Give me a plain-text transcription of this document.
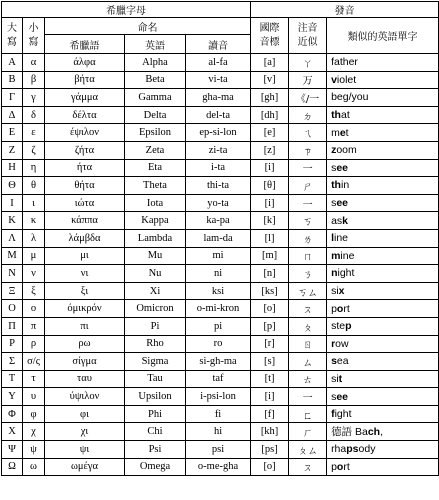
希臘字母					發音		
大寫	小寫	命名			國際音標	注音近似	類似的英語單字
		希臘語	英語	讀音			
Α	α	άλφα	Alpha	al-fa	[a]	ㄚ	father
Β	β	βήτα	Beta	vi-ta	[v]	万	violet
Γ	γ	γάμμα	Gamma	gha-ma	[gh]	《/一	beg/you
Δ	δ	δέλτα	Delta	del-ta	[dh]	ㄉ	that
Ε	ε	έψιλον	Epsilon	ep-si-lon	[e]	ㄟ	met
Ζ	ζ	ζήτα	Zeta	zi-ta	[z]	ㄗ	zoom
Η	η	ήτα	Eta	i-ta	[i]	一	see
Θ	θ	θήτα	Theta	thi-ta	[θ]	ㄕ	thin
Ι	ι	ιώτα	Iota	yo-ta	[i]	一	see
Κ	κ	κάππα	Kappa	ka-pa	[k]	ㄎ	ask
Λ	λ	λάμβδα	Lambda	lam-da	[l]	ㄌ	line
Μ	μ	μι	Mu	mi	[m]	ㄇ	mine
Ν	ν	νι	Nu	ni	[n]	ㄋ	night
Ξ	ξ	ξι	Xi	ksi	[ks]	ㄎㄙ	six
Ο	ο	όμικρόν	Omicron	o-mi-kron	[o]	ㄡ	port
Π	π	πι	Pi	pi	[p]	ㄆ	step
Ρ	ρ	ρω	Rho	ro	[r]	ㄖ	row
Σ	σ/ς	σίγμα	Sigma	si-gh-ma	[s]	ㄙ	sea
Τ	τ	ταυ	Tau	taf	[t]	ㄊ	sit
Υ	υ	ύψιλον	Upsilon	i-psi-lon	[i]	一	see
Φ	φ	φι	Phi	fi	[f]	ㄈ	fight
Χ	χ	χι	Chi	hi	[kh]	ㄏ	德語 Bach,
Ψ	ψ	ψι	Psi	psi	[ps]	ㄆㄙ	rhapsody
Ω	ω	ωμέγα	Omega	o-me-gha	[o]	ㄡ	port
